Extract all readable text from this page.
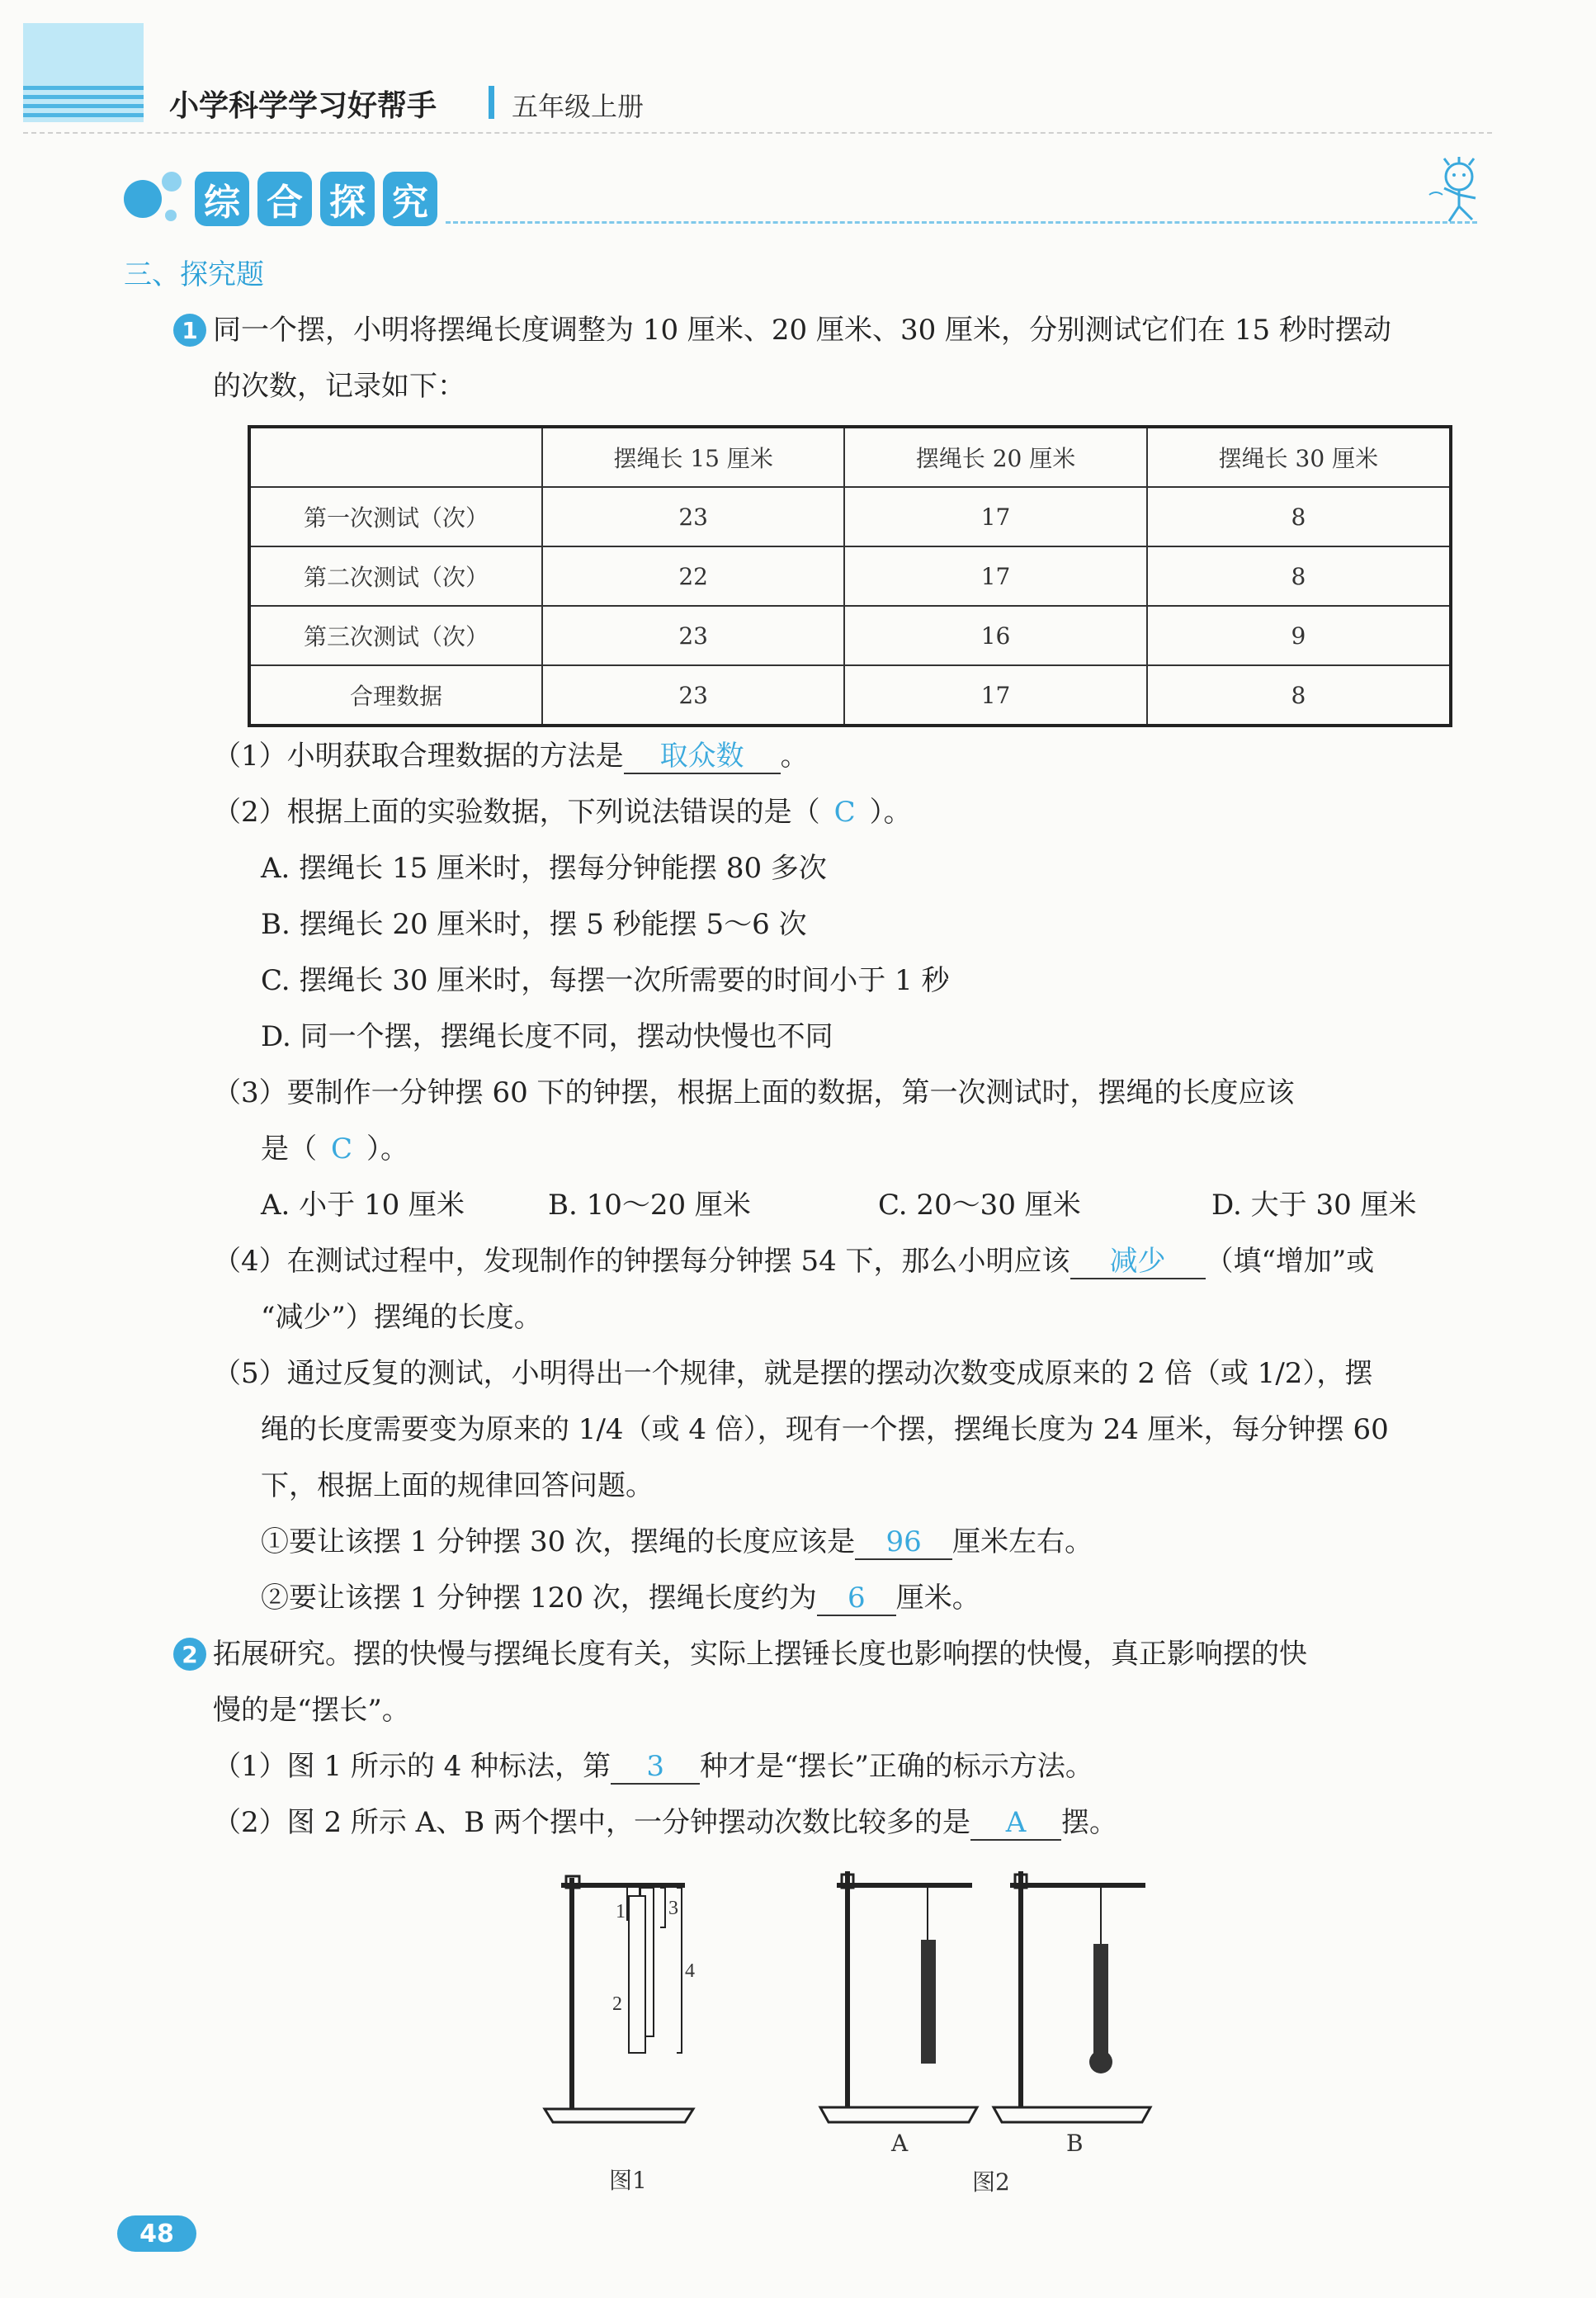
小学科学学习好帮手	五年级上册
综 合 探 究
三、探究题
1 同一个摆，小明将摆绳长度调整为 10 厘米、20 厘米、30 厘米，分别测试它们在 15 秒时摆动
的次数，记录如下：
	摆绳长 15 厘米	摆绳长 20 厘米	摆绳长 30 厘米
第一次测试（次）	23	17	8
第二次测试（次）	22	17	8
第三次测试（次）	23	16	9
合理数据	23	17	8
（1）小明获取合理数据的方法是 取众数 。
（2）根据上面的实验数据，下列说法错误的是（ C ）。
A. 摆绳长 15 厘米时，摆每分钟能摆 80 多次
B. 摆绳长 20 厘米时，摆 5 秒能摆 5～6 次
C. 摆绳长 30 厘米时，每摆一次所需要的时间小于 1 秒
D. 同一个摆，摆绳长度不同，摆动快慢也不同
（3）要制作一分钟摆 60 下的钟摆，根据上面的数据，第一次测试时，摆绳的长度应该
是（ C ）。
A. 小于 10 厘米	B. 10～20 厘米	C. 20～30 厘米	D. 大于 30 厘米
（4）在测试过程中，发现制作的钟摆每分钟摆 54 下，那么小明应该 减少 （填“增加”或
“减少”）摆绳的长度。
（5）通过反复的测试，小明得出一个规律，就是摆的摆动次数变成原来的 2 倍（或 1/2），摆
绳的长度需要变为原来的 1/4（或 4 倍），现有一个摆，摆绳长度为 24 厘米，每分钟摆 60
下，根据上面的规律回答问题。
①要让该摆 1 分钟摆 30 次，摆绳的长度应该是 96 厘米左右。
②要让该摆 1 分钟摆 120 次，摆绳长度约为 6 厘米。
2 拓展研究。摆的快慢与摆绳长度有关，实际上摆锤长度也影响摆的快慢，真正影响摆的快
慢的是“摆长”。
（1）图 1 所示的 4 种标法，第 3 种才是“摆长”正确的标示方法。
（2）图 2 所示 A、B 两个摆中，一分钟摆动次数比较多的是 A 摆。
1
2
3
4
图1
A	B
图2
48
